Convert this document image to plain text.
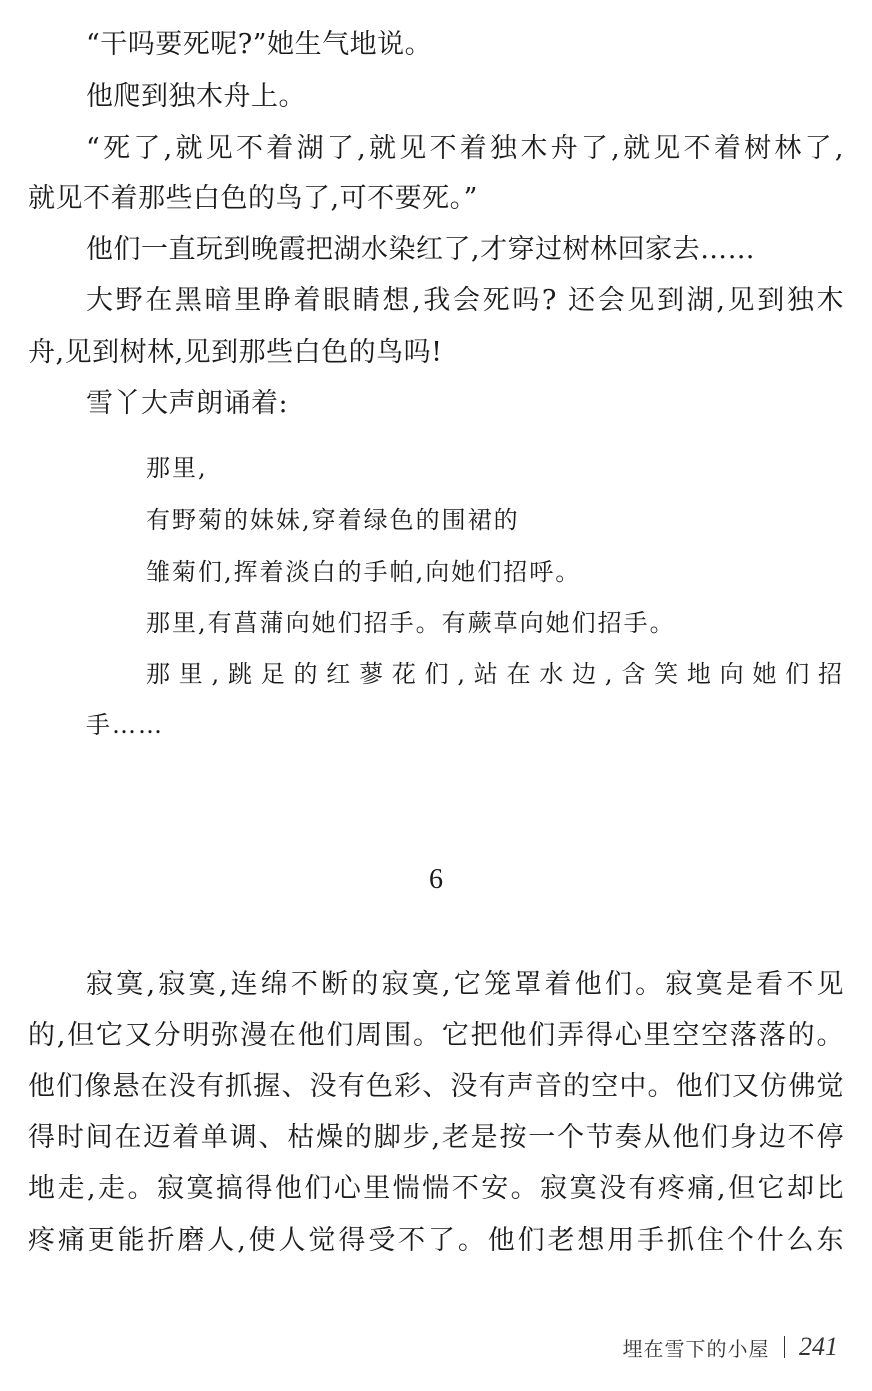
“干吗要死呢?”她生气地说。
他爬到独木舟上。
“死了,就见不着湖了,就见不着独木舟了,就见不着树林了,
就见不着那些白色的鸟了,可不要死。”
他们一直玩到晚霞把湖水染红了,才穿过树林回家去……
大野在黑暗里睁着眼睛想,我会死吗? 还会见到湖,见到独木
舟,见到树林,见到那些白色的鸟吗!
雪丫大声朗诵着:
那里,
有野菊的妹妹,穿着绿色的围裙的
雏菊们,挥着淡白的手帕,向她们招呼。
那里,有菖蒲向她们招手。有蕨草向她们招手。
那里,跳足的红蓼花们,站在水边,含笑地向她们招
手……
6
寂寞,寂寞,连绵不断的寂寞,它笼罩着他们。寂寞是看不见
的,但它又分明弥漫在他们周围。它把他们弄得心里空空落落的。
他们像悬在没有抓握、没有色彩、没有声音的空中。他们又仿佛觉
得时间在迈着单调、枯燥的脚步,老是按一个节奏从他们身边不停
地走,走。寂寞搞得他们心里惴惴不安。寂寞没有疼痛,但它却比
疼痛更能折磨人,使人觉得受不了。他们老想用手抓住个什么东
埋在雪下的小屋 241
